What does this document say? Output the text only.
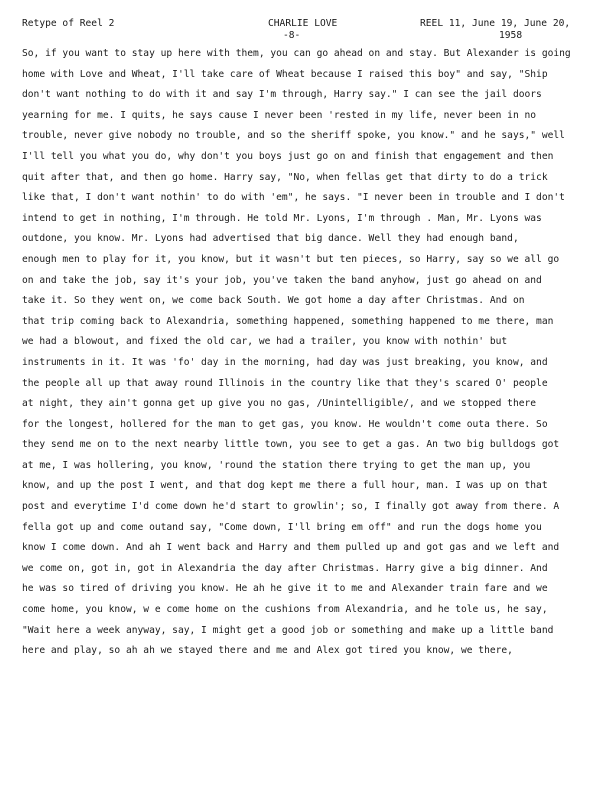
Retype of Reel 2	CHARLIE LOVE
-8-
REEL 11, June 19, June 20,
1958
So, if you want to stay up here with them, you can go ahead on and stay. But Alexander is going
home with Love and Wheat, I'll take care of Wheat because I raised this boy" and say, "Ship
don't want nothing to do with it and say I'm through, Harry say." I can see the jail doors
yearning for me. I quits, he says cause I never been 'rested in my life, never been in no
trouble, never give nobody no trouble, and so the sheriff spoke, you know." and he says," well
I'll tell you what you do, why don't you boys just go on and finish that engagement and then
quit after that, and then go home. Harry say, "No, when fellas get that dirty to do a trick
like that, I don't want nothin' to do with 'em", he says. "I never been in trouble and I don't
intend to get in nothing, I'm through. He told Mr. Lyons, I'm through . Man, Mr. Lyons was
outdone, you know. Mr. Lyons had advertised that big dance. Well they had enough band,
enough men to play for it, you know, but it wasn't but ten pieces, so Harry, say so we all go
on and take the job, say it's your job, you've taken the band anyhow, just go ahead on and
take it. So they went on, we come back South. We got home a day after Christmas. And on
that trip coming back to Alexandria, something happened, something happened to me there, man
we had a blowout, and fixed the old car, we had a trailer, you know with nothin' but
instruments in it. It was 'fo' day in the morning, had day was just breaking, you know, and
the people all up that away round Illinois in the country like that they's scared O' people
at night, they ain't gonna get up give you no gas, /Unintelligible/, and we stopped there
for the longest, hollered for the man to get gas, you know. He wouldn't come outa there. So
they send me on to the next nearby little town, you see to get a gas. An two big bulldogs got
at me, I was hollering, you know, 'round the station there trying to get the man up, you
know, and up the post I went, and that dog kept me there a full hour, man. I was up on that
post and everytime I'd come down he'd start to growlin'; so, I finally got away from there. A
fella got up and come outand say, "Come down, I'll bring em off" and run the dogs home you
know I come down. And ah I went back and Harry and them pulled up and got gas and we left and
we come on, got in, got in Alexandria the day after Christmas. Harry give a big dinner. And
he was so tired of driving you know. He ah he give it to me and Alexander train fare and we
come home, you know, w e come home on the cushions from Alexandria, and he tole us, he say,
"Wait here a week anyway, say, I might get a good job or something and make up a little band
here and play, so ah ah we stayed there and me and Alex got tired you know, we there,
